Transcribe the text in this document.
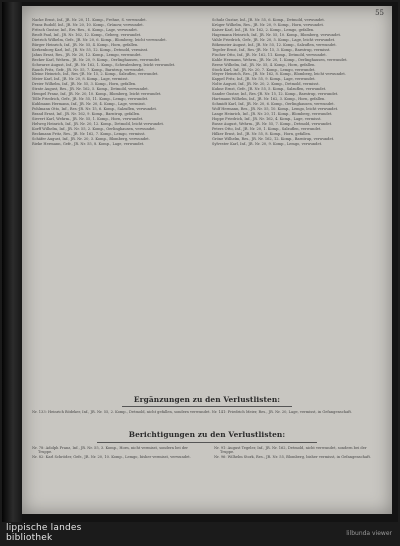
55

Nacke Ernst, Inf., JR. Nr. 20, 11. Komp., Frehne, S. verwundet.

Franz Rudolf, Inf., JR. Nr. 20, 10. Komp., Grünow, verwundet.

Fritsch Gustav, Inf., Ers.-Res., 6. Komp., Lage, verwundet.

Brodt Paul, Inf., JR. Nr. 162, 12. Komp., Geberg, verwundet.

Dietrich Wilhelm, Gefr., JR. Nr. 20, 6. Komp., Blomberg, leicht verwundet.

Bürger Heinrich, Inf., JR. Nr. 55, 4. Komp., Horn, gefallen.

Kerkenborg Karl, Inf., JR. Nr. 55, 12. Komp., Detmold, vermisst.

Jahns Ernst, Res., JR. Nr. 20, 12. Komp., Lemgo, verwundet.

Becker Karl, Wehrm., JR. Nr. 20, 9. Komp., Oerlinghausen, verwundet.

Schwarze August, Inf., JR. Nr. 162, 1. Komp., Schwalenberg, leicht verwundet.

Rauch Fritz, Gefr., JR. Nr. 55, 7. Komp., Barntrup, verwundet.

Kleine Heinrich, Inf., Res.-JR. Nr. 15, 2. Komp., Salzuflen, verwundet.

Meier Karl, Inf., JR. Nr. 20, 8. Komp., Lage, vermisst.

Dreier Wilhelm, Inf., JR. Nr. 55, 3. Komp., Horn, gefallen.

Strate August, Res., JR. Nr. 162, 5. Komp., Detmold, verwundet.

Hempel Franz, Inf., JR. Nr. 20, 10. Komp., Blomberg, leicht verwundet.

Tölle Friedrich, Gefr., JR. Nr. 55, 11. Komp., Lemgo, verwundet.

Kuhlmann Hermann, Inf., JR. Nr. 20, 4. Komp., Lage, vermisst.

Pohlmann Otto, Inf., Res.-JR. Nr. 15, 6. Komp., Salzuflen, verwundet.

Brand Ernst, Inf., JR. Nr. 162, 9. Komp., Barntrup, gefallen.

Sievert Karl, Wehrm., JR. Nr. 55, 1. Komp., Horn, verwundet.

Helweg Heinrich, Inf., JR. Nr. 20, 12. Komp., Detmold, leicht verwundet.

Korff Wilhelm, Inf., JR. Nr. 55, 2. Komp., Oerlinghausen, verwundet.

Beckmann Fritz, Res., JR. Nr. 162, 7. Komp., Lemgo, vermisst.

Schäfer August, Inf., JR. Nr. 20, 3. Komp., Blomberg, verwundet.

Rieke Hermann, Gefr., JR. Nr. 55, 8. Komp., Lage, verwundet.

Schulz Gustav, Inf., JR. Nr. 55, 6. Komp., Detmold, verwundet.

Krüger Wilhelm, Res., JR. Nr. 20, 9. Komp., Horn, verwundet.

Kaiser Karl, Inf., JR. Nr. 162, 2. Komp., Lemgo, gefallen.

Hagemann Heinrich, Inf., JR. Nr. 55, 10. Komp., Blomberg, verwundet.

Vahle Friedrich, Gefr., JR. Nr. 20, 5. Komp., Lage, leicht verwundet.

Bökemeier August, Inf., JR. Nr. 55, 12. Komp., Salzuflen, verwundet.

Tegeler Ernst, Inf., Res.-JR. Nr. 15, 3. Komp., Barntrup, vermisst.

Fischer Otto, Inf., JR. Nr. 162, 11. Komp., Detmold, verwundet.

Kahle Hermann, Wehrm., JR. Nr. 20, 1. Komp., Oerlinghausen, verwundet.

Reese Wilhelm, Inf., JR. Nr. 55, 4. Komp., Horn, gefallen.

Stock Karl, Inf., JR. Nr. 20, 7. Komp., Lemgo, verwundet.

Meyer Heinrich, Res., JR. Nr. 162, 8. Komp., Blomberg, leicht verwundet.

Kappel Fritz, Inf., JR. Nr. 55, 9. Komp., Lage, verwundet.

Nolte August, Inf., JR. Nr. 20, 2. Komp., Detmold, vermisst.

Kuhne Ernst, Gefr., JR. Nr. 55, 5. Komp., Salzuflen, verwundet.

Sander Gustav, Inf., Res.-JR. Nr. 15, 12. Komp., Barntrup, verwundet.

Hartmann Wilhelm, Inf., JR. Nr. 162, 3. Komp., Horn, gefallen.

Schmidt Karl, Inf., JR. Nr. 20, 6. Komp., Oerlinghausen, verwundet.

Wolf Hermann, Res., JR. Nr. 55, 10. Komp., Lemgo, leicht verwundet.

Lange Heinrich, Inf., JR. Nr. 20, 11. Komp., Blomberg, verwundet.

Hoppe Friedrich, Inf., JR. Nr. 162, 4. Komp., Lage, vermisst.

Busse August, Wehrm., JR. Nr. 55, 7. Komp., Detmold, verwundet.

Peters Otto, Inf., JR. Nr. 20, 1. Komp., Salzuflen, verwundet.

Hilker Ernst, Inf., JR. Nr. 55, 8. Komp., Horn, gefallen.

Gröne Wilhelm, Res., JR. Nr. 162, 12. Komp., Barntrup, verwundet.

Sylvester Karl, Inf., JR. Nr. 20, 9. Komp., Lemgo, verwundet.

Ergänzungen zu den Verlustlisten:
Nr. 133: Heinrich Bödeker, Inf., JR. Nr. 55, 2. Komp., Detmold, nicht gefallen, sondern verwundet. Nr. 141: Friedrich Meier, Res., JR. Nr. 20, Lage, vermisst, in Gefangenschaft.
Berichtigungen zu den Verlustlisten:

Nr. 78: Adolph Franz, Inf., JR. Nr. 55, 3. Komp., Horn, nicht vermisst, sondern bei der Truppe.

Nr. 82: Karl Schröder, Gefr., JR. Nr. 20, 10. Komp., Lemgo, bisher vermisst, verwundet.

Nr. 91: August Tegeler, Inf., JR. Nr. 162, Detmold, nicht verwundet, sondern bei der Truppe.

Nr. 96: Wilhelm Stork, Res., JR. Nr. 55, Blomberg, bisher vermisst, in Gefangenschaft.

lippische landes
bibliothek	lilbunda viewer
